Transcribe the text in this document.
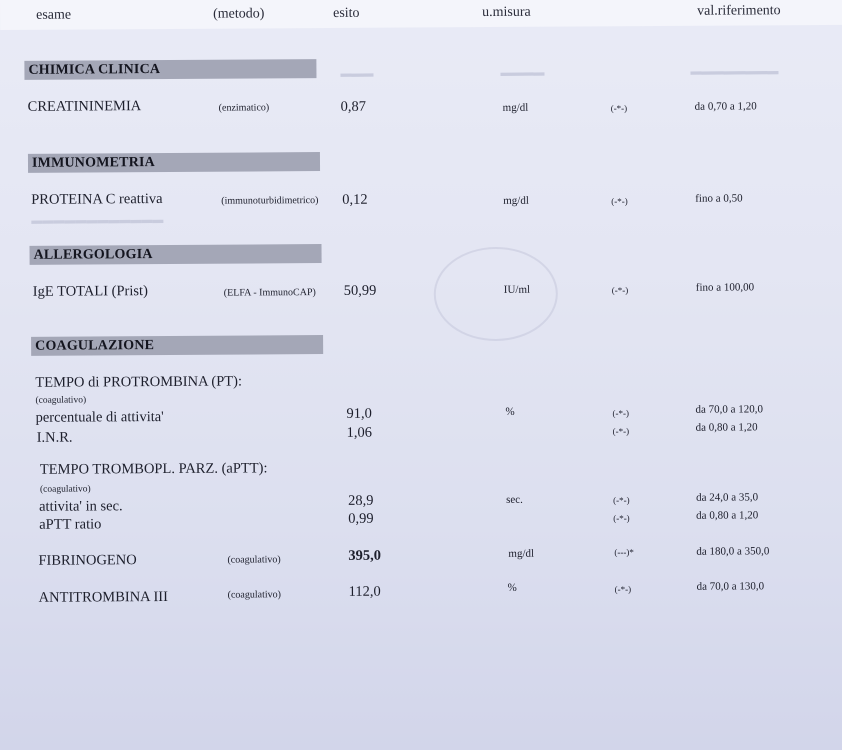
▬▬▬	▬▬▬▬	▬▬▬▬▬▬▬▬
▬▬▬▬▬▬▬▬▬▬▬▬
esame	(metodo)	esito	u.misura	val.riferimento
CHIMICA CLINICA
CREATININEMIA	(enzimatico)	0,87	mg/dl	(-*-)	da 0,70 a 1,20
IMMUNOMETRIA
PROTEINA C reattiva	(immunoturbidimetrico) 0,12	mg/dl	(-*-)	fino a 0,50
ALLERGOLOGIA
IgE TOTALI (Prist)	(ELFA - ImmunoCAP) 50,99	IU/ml	(-*-)	fino a 100,00
COAGULAZIONE
TEMPO di PROTROMBINA (PT):
(coagulativo)
percentuale di attivita'	91,0	%	(-*-)	da 70,0 a 120,0
I.N.R.	1,06	(-*-)	da 0,80 a 1,20
TEMPO TROMBOPL. PARZ. (aPTT):
(coagulativo)
attivita' in sec.	28,9	sec.	(-*-)	da 24,0 a 35,0
aPTT ratio	0,99	(-*-)	da 0,80 a 1,20
FIBRINOGENO	(coagulativo)	395,0	mg/dl	(---)*	da 180,0 a 350,0
ANTITROMBINA III	(coagulativo)	112,0	%	(-*-)	da 70,0 a 130,0
